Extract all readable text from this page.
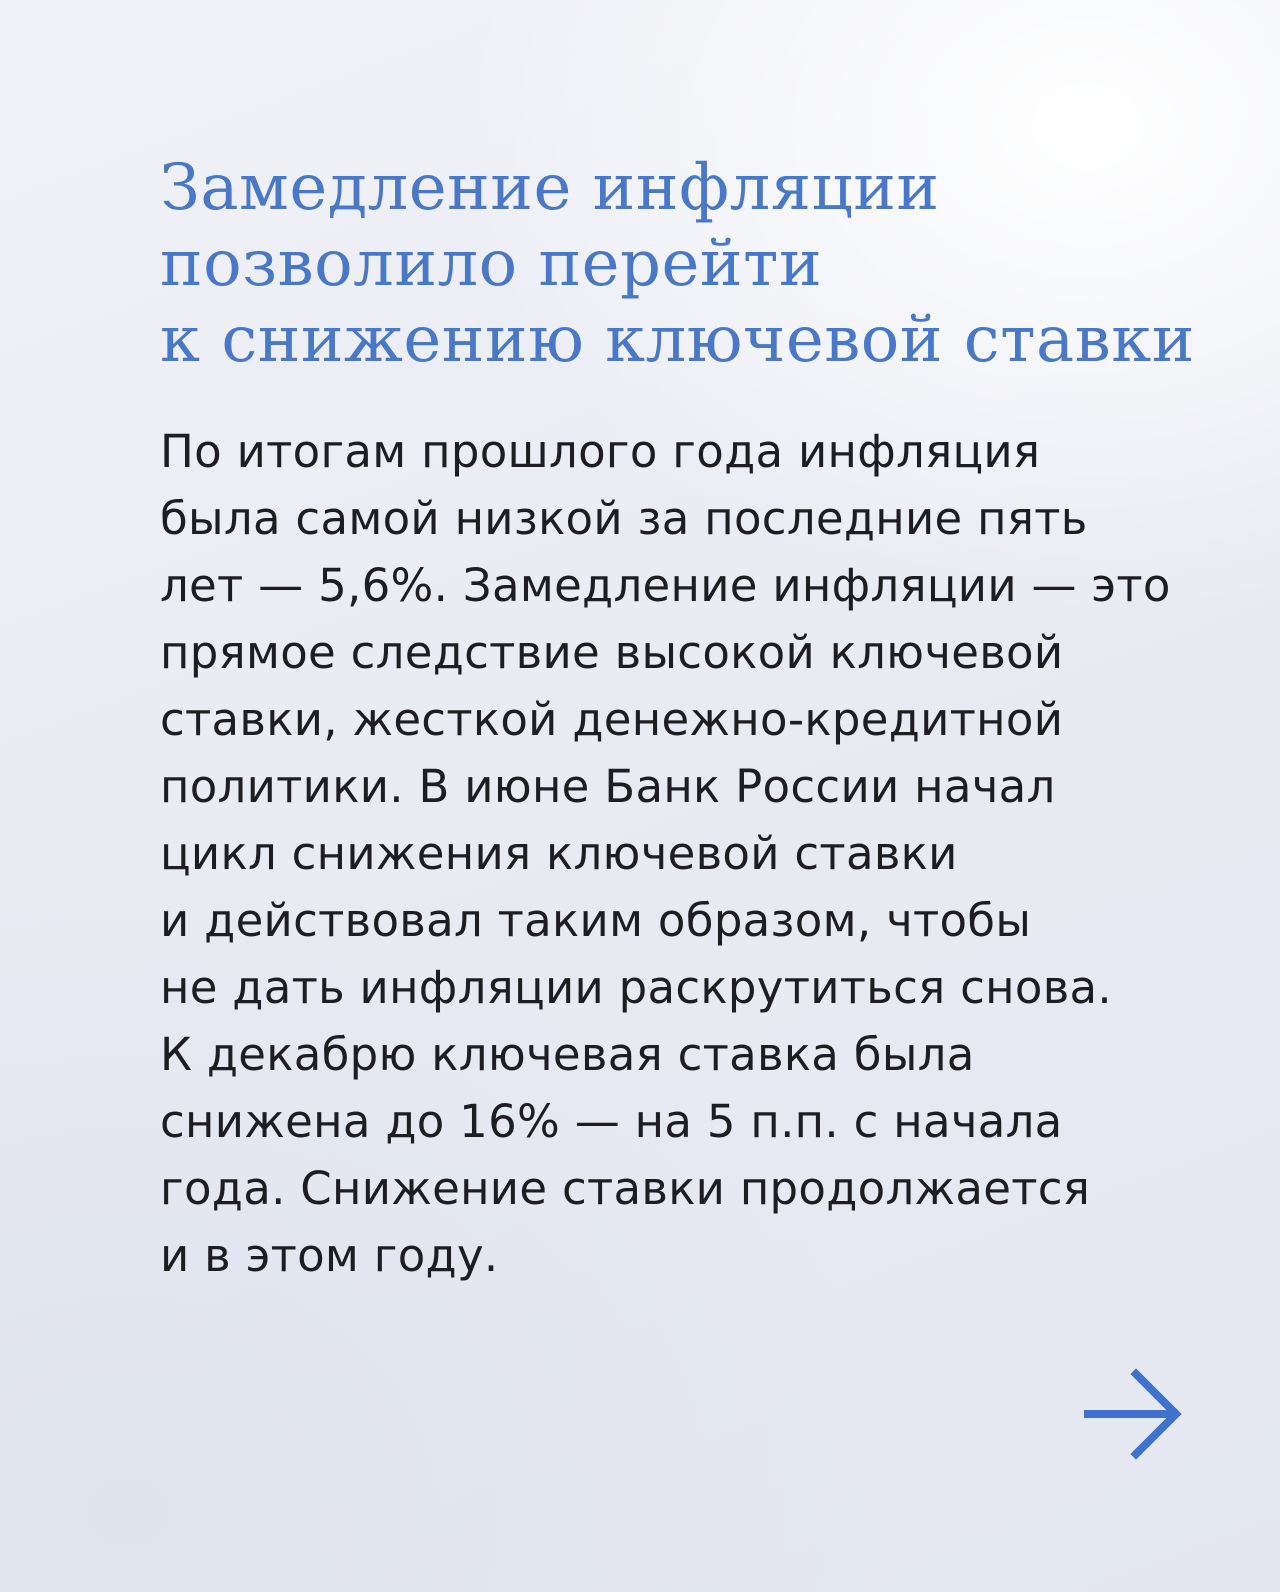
Замедление инфляции
позволило перейти
к снижению ключевой ставки
По итогам прошлого года инфляция
была самой низкой за последние пять
лет — 5,6%. Замедление инфляции — это
прямое следствие высокой ключевой
ставки, жесткой денежно-кредитной
политики. В июне Банк России начал
цикл снижения ключевой ставки
и действовал таким образом, чтобы
не дать инфляции раскрутиться снова.
К декабрю ключевая ставка была
снижена до 16% — на 5 п.п. с начала
года. Снижение ставки продолжается
и в этом году.
